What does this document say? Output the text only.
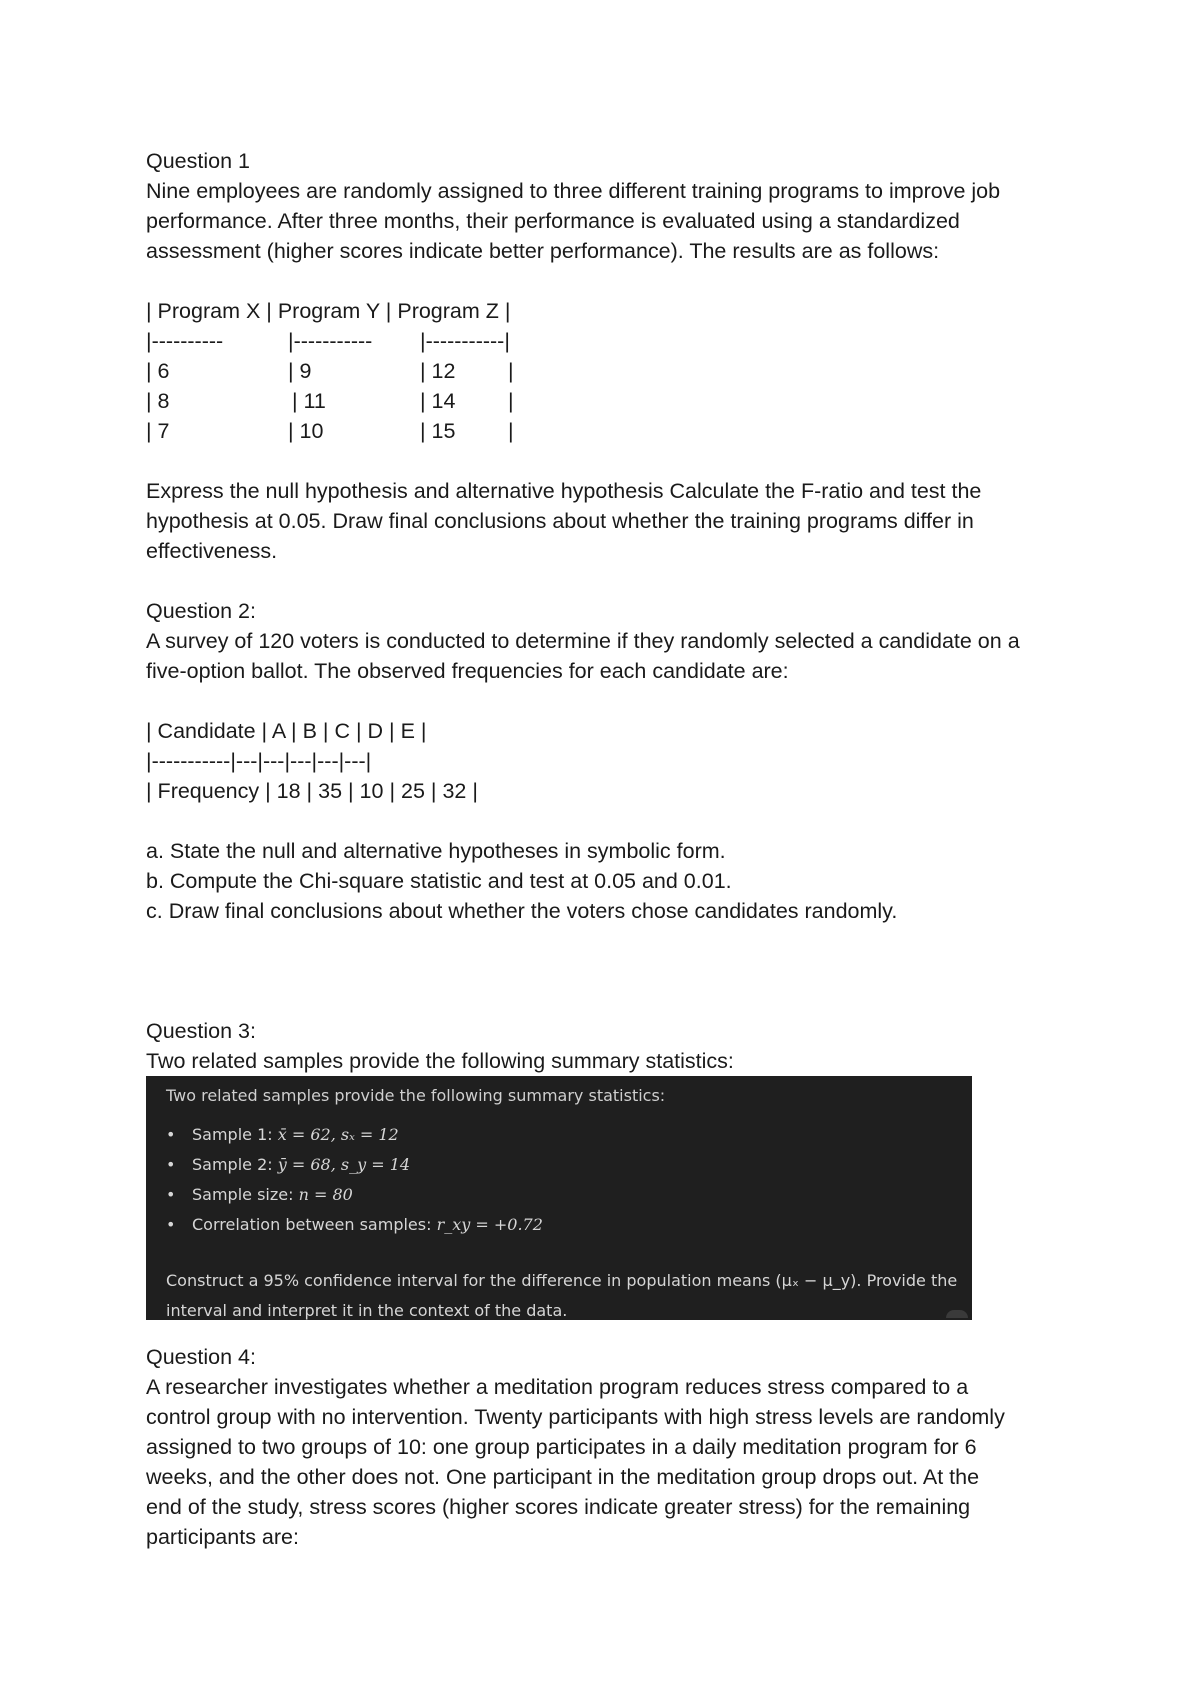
Question 1
Nine employees are randomly assigned to three different training programs to improve job
performance. After three months, their performance is evaluated using a standardized
assessment (higher scores indicate better performance). The results are as follows:
| Program X | Program Y | Program Z |
|----------	|----------- |-----------|
| 6	| 9	| 12 |
| 8	| 11	| 14 |
| 7	| 10	| 15 |
Express the null hypothesis and alternative hypothesis Calculate the F-ratio and test the
hypothesis at 0.05. Draw final conclusions about whether the training programs differ in
effectiveness.
Question 2:
A survey of 120 voters is conducted to determine if they randomly selected a candidate on a
five-option ballot. The observed frequencies for each candidate are:
| Candidate | A | B | C | D | E |
|-----------|---|---|---|---|---|
| Frequency | 18 | 35 | 10 | 25 | 32 |
a. State the null and alternative hypotheses in symbolic form.
b. Compute the Chi-square statistic and test at 0.05 and 0.01.
c. Draw final conclusions about whether the voters chose candidates randomly.
Question 3:
Two related samples provide the following summary statistics:
Two related samples provide the following summary statistics:
• Sample 1: x̄ = 62, sₓ = 12
• Sample 2: ȳ = 68, s_y = 14
• Sample size: n = 80
• Correlation between samples: r_xy = +0.72
Construct a 95% confidence interval for the difference in population means (μₓ − μ_y). Provide the
interval and interpret it in the context of the data.
Question 4:
A researcher investigates whether a meditation program reduces stress compared to a
control group with no intervention. Twenty participants with high stress levels are randomly
assigned to two groups of 10: one group participates in a daily meditation program for 6
weeks, and the other does not. One participant in the meditation group drops out. At the
end of the study, stress scores (higher scores indicate greater stress) for the remaining
participants are:
